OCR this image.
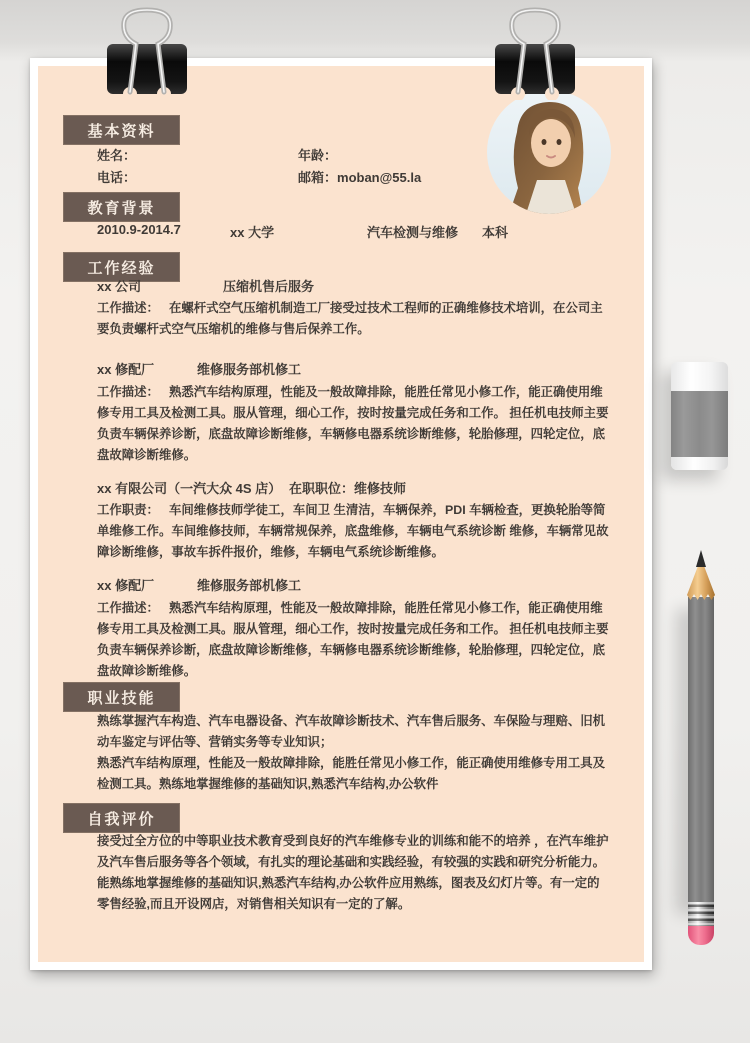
基本资料
姓名：
电话：
年龄：
邮箱：moban@55.la
教育背景
2010.9-2014.7	xx 大学	汽车检测与维修 本科
工作经验
xx 公司	压缩机售后服务

工作描述： 在螺杆式空气压缩机制造工厂接受过技术工程师的正确维修技术培训，在公司主要负责螺杆式空气压缩机的维修与售后保养工作。

xx 修配厂	维修服务部机修工

工作描述： 熟悉汽车结构原理，性能及一般故障排除，能胜任常见小修工作，能正确使用维修专用工具及检测工具。服从管理，细心工作，按时按量完成任务和工作。 担任机电技师主要负责车辆保养诊断，底盘故障诊断维修，车辆修电器系统诊断维修，轮胎修理，四轮定位，底盘故障诊断维修。

xx 有限公司（一汽大众 4S 店） 在职职位：维修技师

工作职责： 车间维修技师学徒工，车间卫 生清洁，车辆保养，PDI 车辆检查，更换轮胎等简单维修工作。车间维修技师，车辆常规保养，底盘维修，车辆电气系统诊断 维修，车辆常见故障诊断维修，事故车拆件报价，维修，车辆电气系统诊断维修。

xx 修配厂	维修服务部机修工

工作描述： 熟悉汽车结构原理，性能及一般故障排除，能胜任常见小修工作，能正确使用维修专用工具及检测工具。服从管理，细心工作，按时按量完成任务和工作。 担任机电技师主要负责车辆保养诊断，底盘故障诊断维修，车辆修电器系统诊断维修，轮胎修理，四轮定位，底盘故障诊断维修。

职业技能

熟练掌握汽车构造、汽车电器设备、汽车故障诊断技术、汽车售后服务、车保险与理赔、旧机动车鉴定与评估等、营销实务等专业知识；

熟悉汽车结构原理，性能及一般故障排除，能胜任常见小修工作，能正确使用维修专用工具及检测工具。熟练地掌握维修的基础知识,熟悉汽车结构,办公软件

自我评价

接受过全方位的中等职业技术教育受到良好的汽车维修专业的训练和能不的培养 ，在汽车维护及汽车售后服务等各个领域，有扎实的理论基础和实践经验，有较强的实践和研究分析能力。能熟练地掌握维修的基础知识,熟悉汽车结构,办公软件应用熟练，图表及幻灯片等。有一定的零售经验,而且开设网店，对销售相关知识有一定的了解。
